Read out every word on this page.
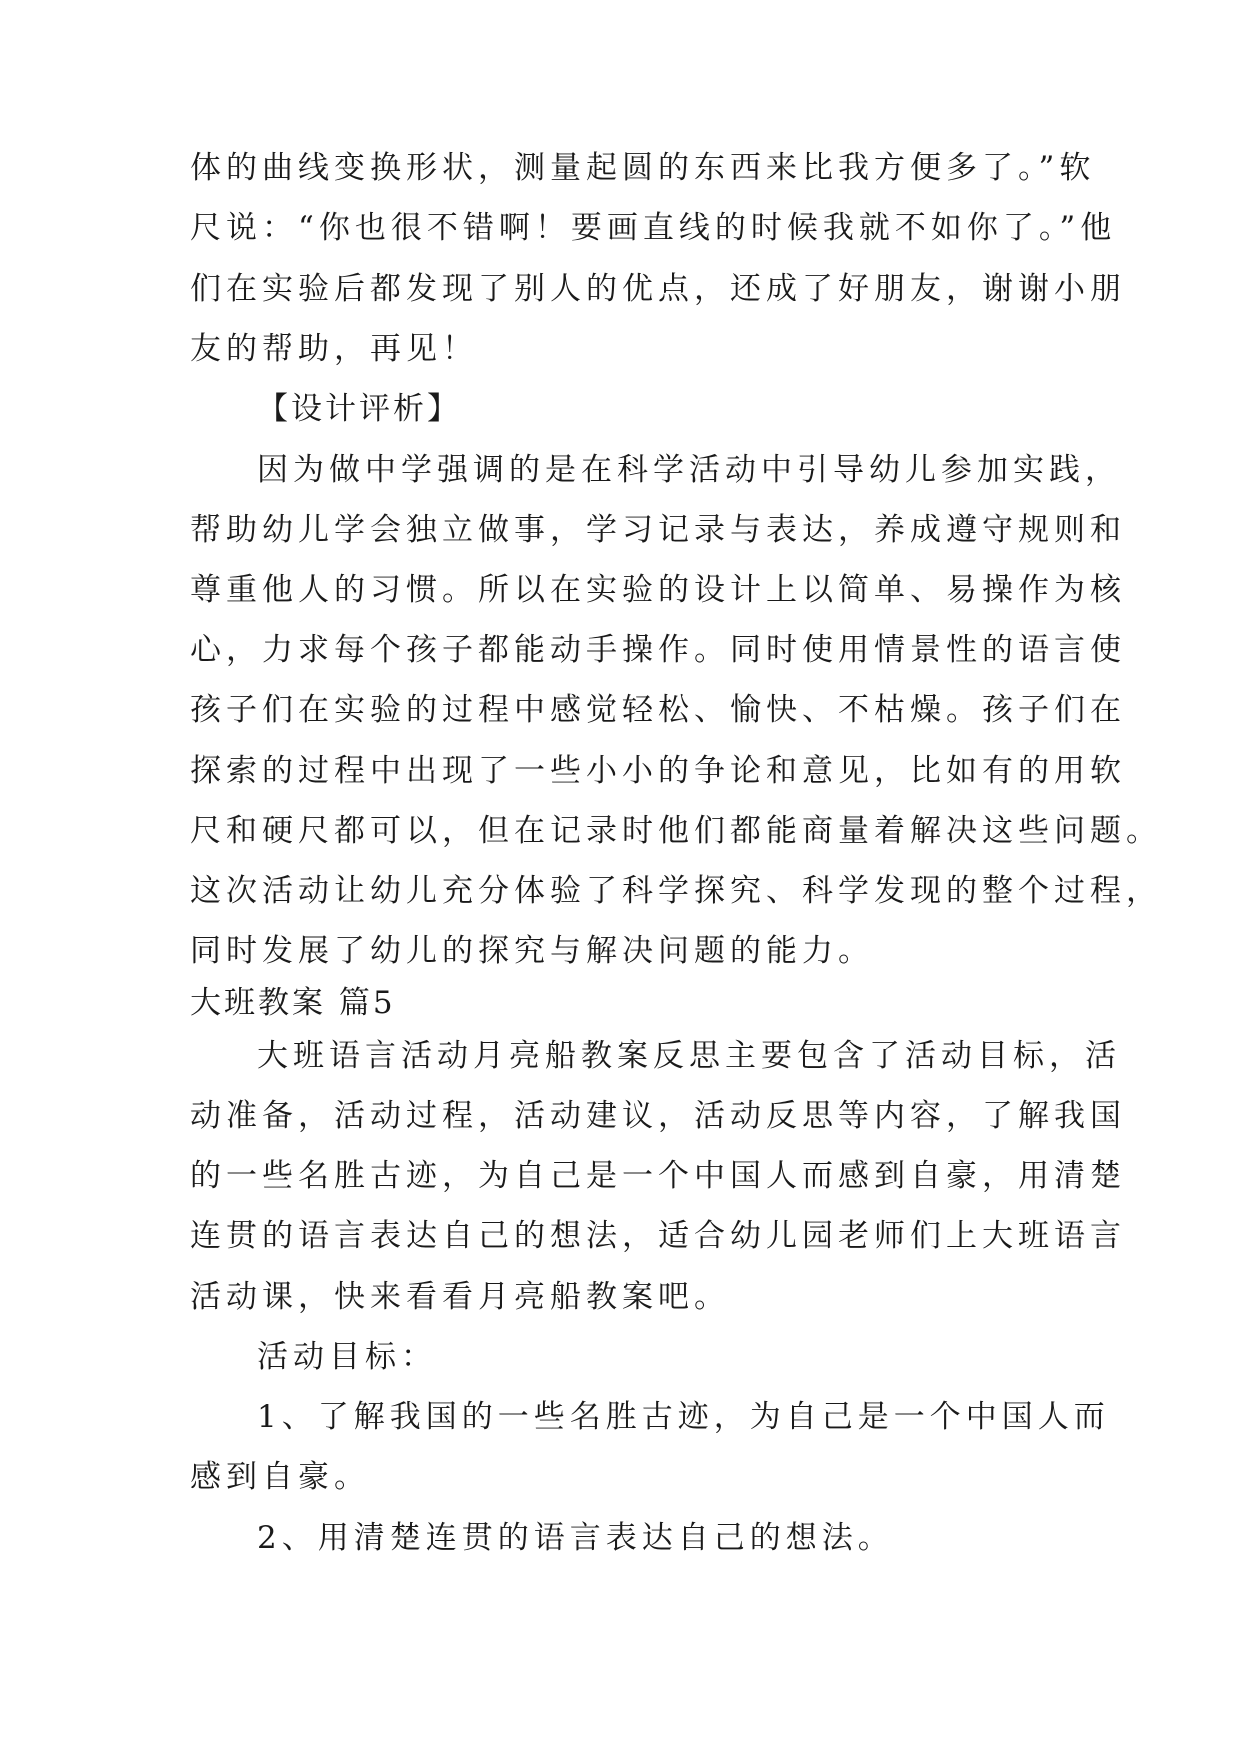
体的曲线变换形状，测量起圆的东西来比我方便多了。”软
尺说：“你也很不错啊！要画直线的时候我就不如你了。”他
们在实验后都发现了别人的优点，还成了好朋友，谢谢小朋
友的帮助，再见！
【设计评析】
因为做中学强调的是在科学活动中引导幼儿参加实践，
帮助幼儿学会独立做事，学习记录与表达，养成遵守规则和
尊重他人的习惯。所以在实验的设计上以简单、易操作为核
心，力求每个孩子都能动手操作。同时使用情景性的语言使
孩子们在实验的过程中感觉轻松、愉快、不枯燥。孩子们在
探索的过程中出现了一些小小的争论和意见，比如有的用软
尺和硬尺都可以，但在记录时他们都能商量着解决这些问题。
这次活动让幼儿充分体验了科学探究、科学发现的整个过程，
同时发展了幼儿的探究与解决问题的能力。
大班教案 篇5
大班语言活动月亮船教案反思主要包含了活动目标，活
动准备，活动过程，活动建议，活动反思等内容，了解我国
的一些名胜古迹，为自己是一个中国人而感到自豪，用清楚
连贯的语言表达自己的想法，适合幼儿园老师们上大班语言
活动课，快来看看月亮船教案吧。
活动目标：
1、了解我国的一些名胜古迹，为自己是一个中国人而
感到自豪。
2、用清楚连贯的语言表达自己的想法。
